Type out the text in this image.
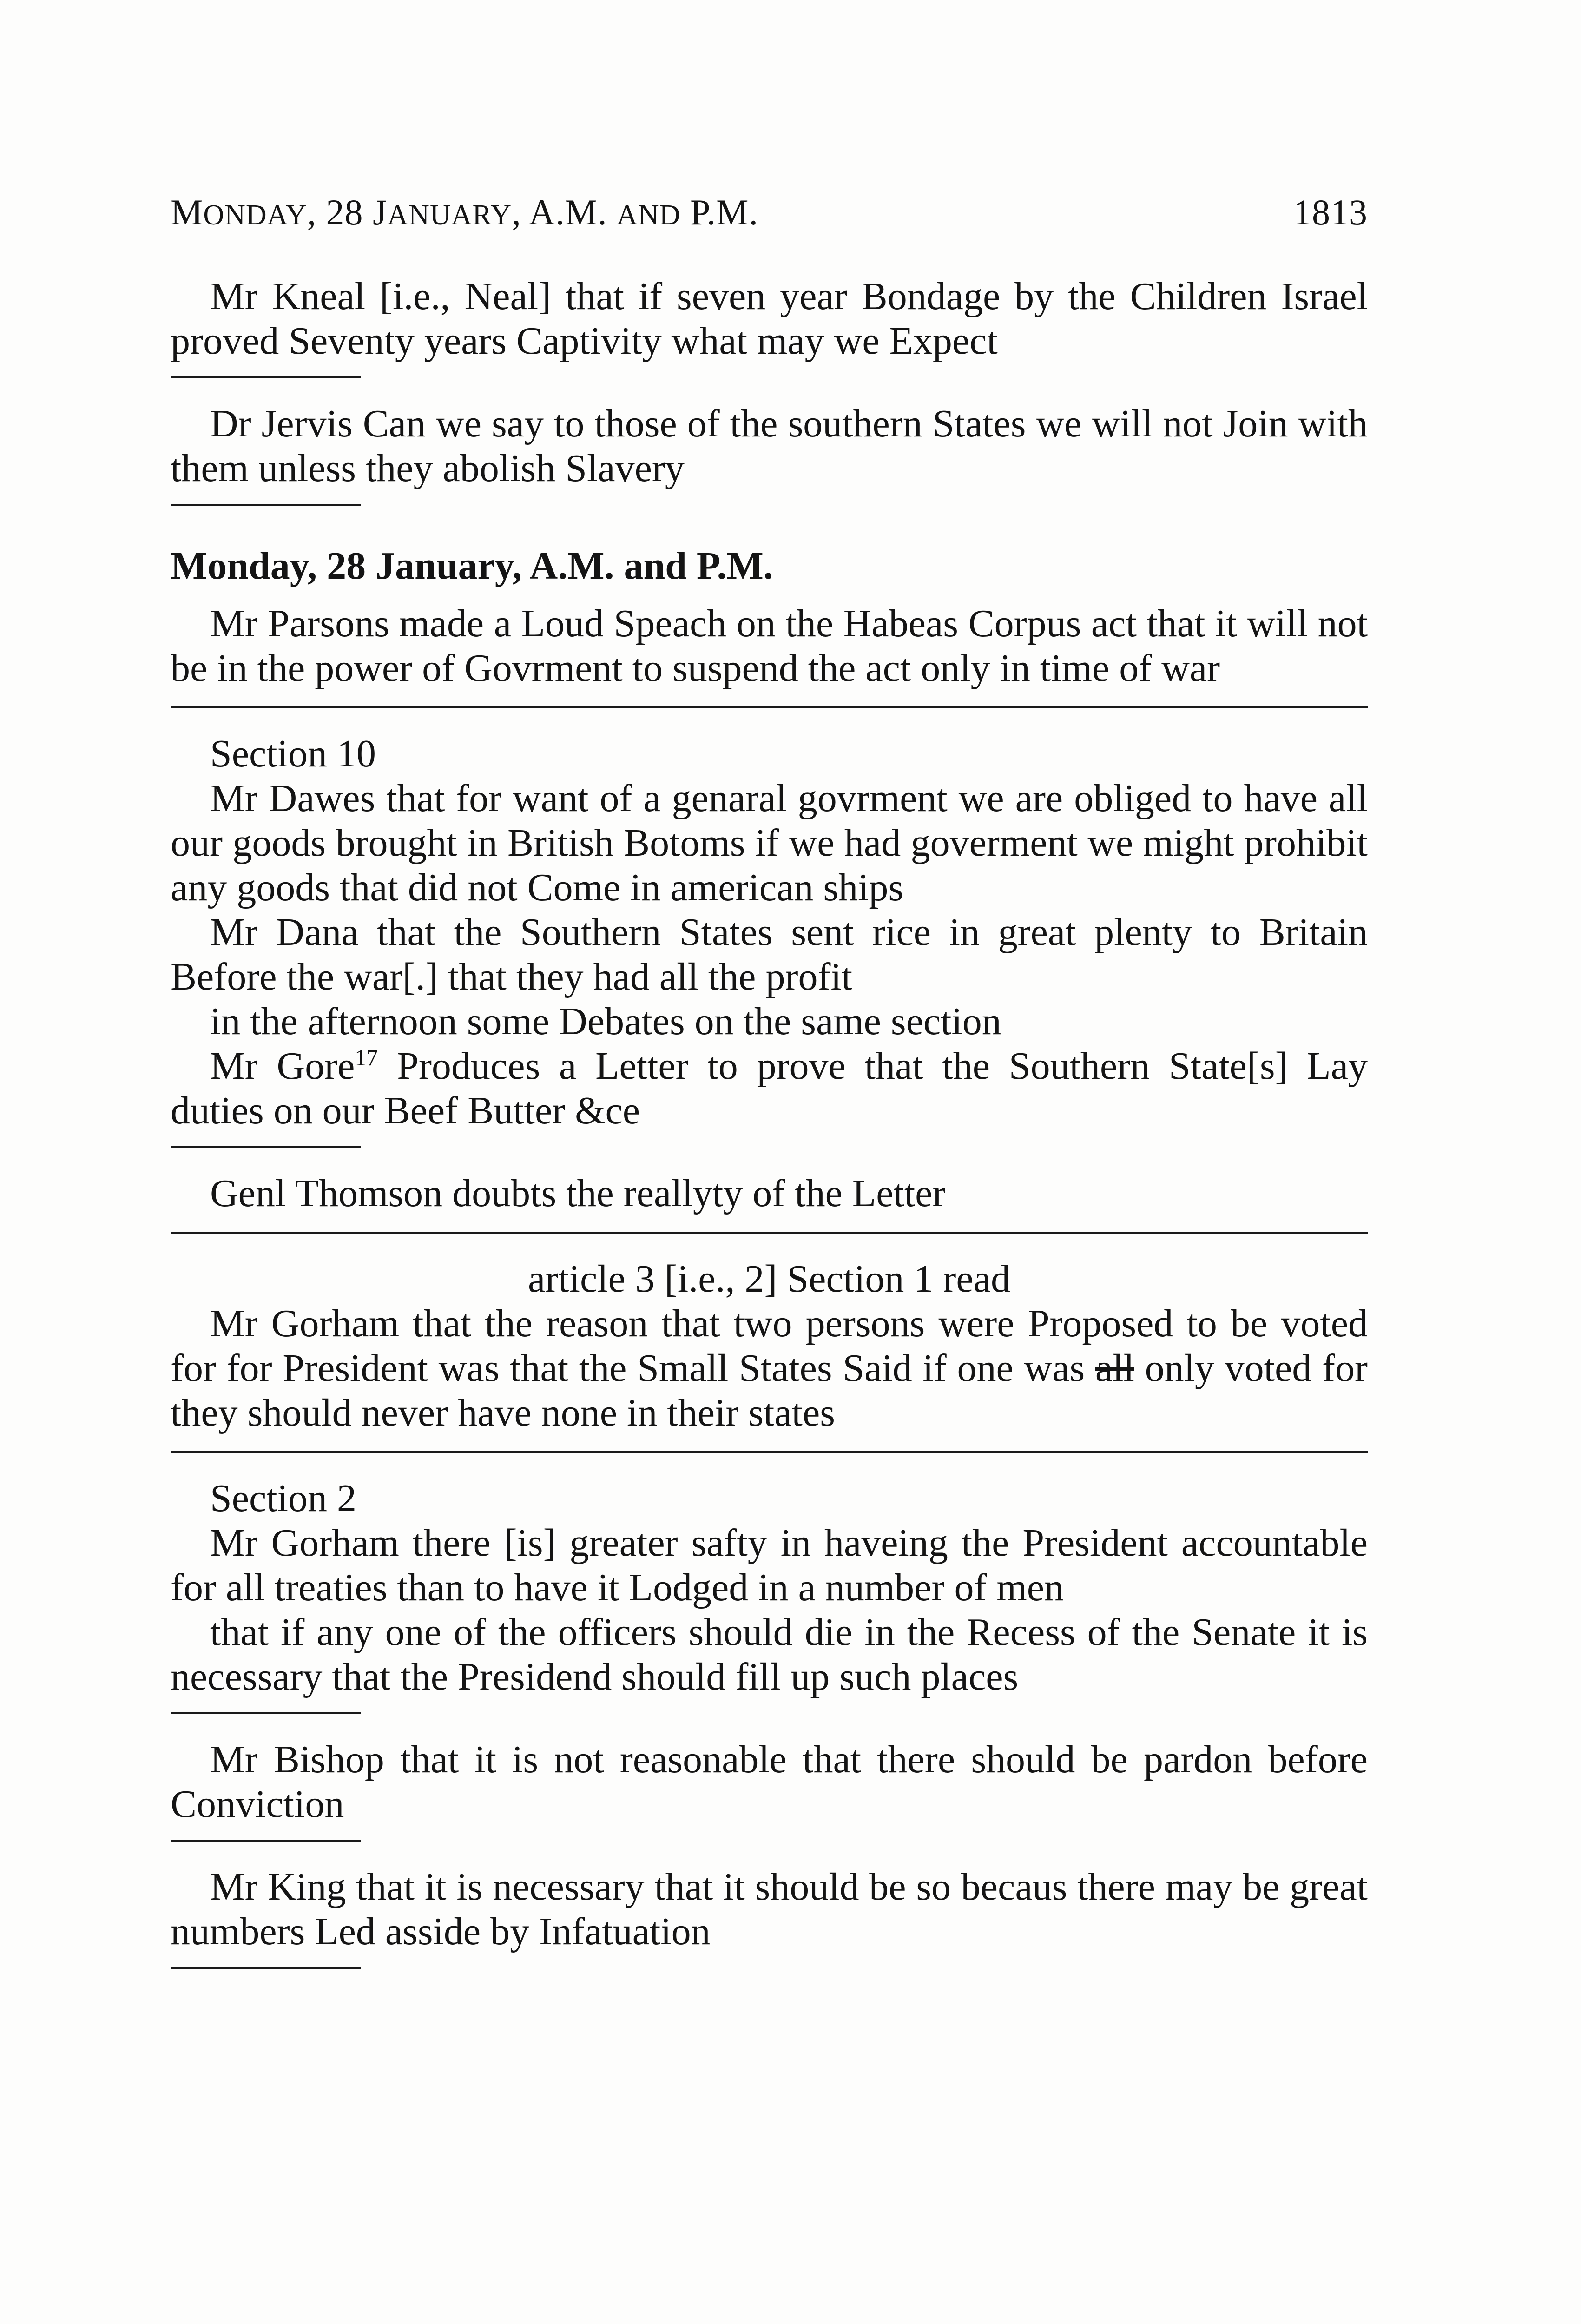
MONDAY, 28 JANUARY, A.M. AND P.M.	1813

Mr Kneal [i.e., Neal] that if seven year Bondage by the Children Israel proved Seventy years Captivity what may we Expect

Dr Jervis Can we say to those of the southern States we will not Join with them unless they abolish Slavery

Monday, 28 January, A.M. and P.M.

Mr Parsons made a Loud Speach on the Habeas Corpus act that it will not be in the power of Govrment to suspend the act only in time of war

Section 10

Mr Dawes that for want of a genaral govrment we are obliged to have all our goods brought in British Botoms if we had goverment we might prohibit any goods that did not Come in american ships

Mr Dana that the Southern States sent rice in great plenty to Britain Before the war[.] that they had all the profit

in the afternoon some Debates on the same section

Mr Gore$^{17}$ Produces a Letter to prove that the Southern State[s] Lay duties on our Beef Butter &ce

Genl Thomson doubts the reallyty of the Letter

article 3 [i.e., 2] Section 1 read

Mr Gorham that the reason that two persons were Proposed to be voted for for President was that the Small States Said if one was all only voted for they should never have none in their states

Section 2

Mr Gorham there [is] greater safty in haveing the President accountable for all treaties than to have it Lodged in a number of men

that if any one of the officers should die in the Recess of the Senate it is necessary that the Presidend should fill up such places

Mr Bishop that it is not reasonable that there should be pardon before Conviction

Mr King that it is necessary that it should be so becaus there may be great numbers Led asside by Infatuation
